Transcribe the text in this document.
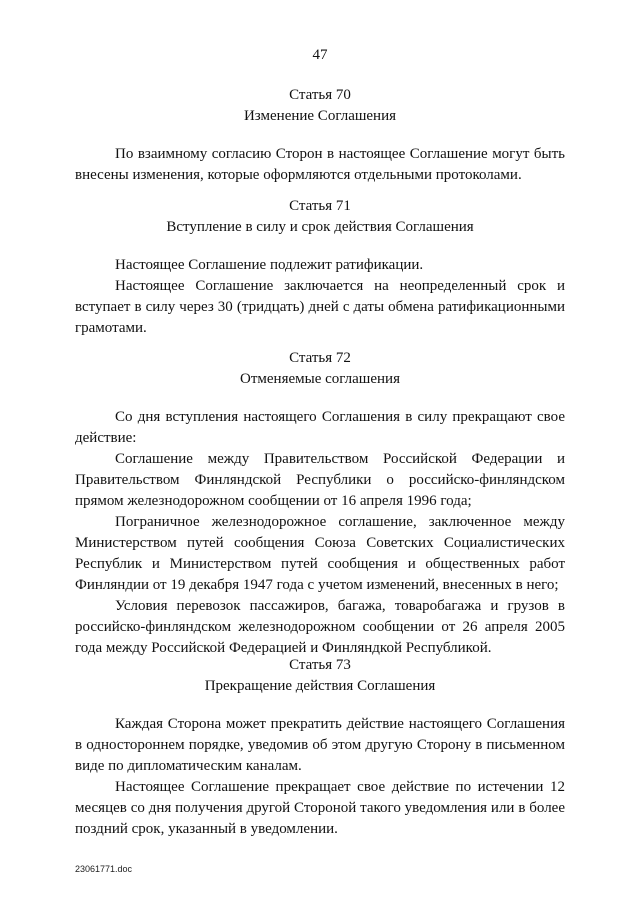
47

Статья 70

Изменение Соглашения

По взаимному согласию Сторон в настоящее Соглашение могут быть внесены изменения, которые оформляются отдельными протоколами.

Статья 71

Вступление в силу и срок действия Соглашения

Настоящее Соглашение подлежит ратификации.

Настоящее Соглашение заключается на неопределенный срок и вступает в силу через 30 (тридцать) дней с даты обмена ратификационными грамотами.

Статья 72

Отменяемые соглашения

Со дня вступления настоящего Соглашения в силу прекращают свое действие:

Соглашение между Правительством Российской Федерации и Правительством Финляндской Республики о российско-финляндском прямом железнодорожном сообщении от 16 апреля 1996 года;

Пограничное железнодорожное соглашение, заключенное между Министерством путей сообщения Союза Советских Социалистических Республик и Министерством путей сообщения и общественных работ Финляндии от 19 декабря 1947 года с учетом изменений, внесенных в него;

Условия перевозок пассажиров, багажа, товаробагажа и грузов в российско-финляндском железнодорожном сообщении от 26 апреля 2005 года между Российской Федерацией и Финляндкой Республикой.

Статья 73

Прекращение действия Соглашения

Каждая Сторона может прекратить действие настоящего Соглашения в одностороннем порядке, уведомив об этом другую Сторону в письменном виде по дипломатическим каналам.

Настоящее Соглашение прекращает свое действие по истечении 12 месяцев со дня получения другой Стороной такого уведомления или в более поздний срок, указанный в уведомлении.

23061771.doc
